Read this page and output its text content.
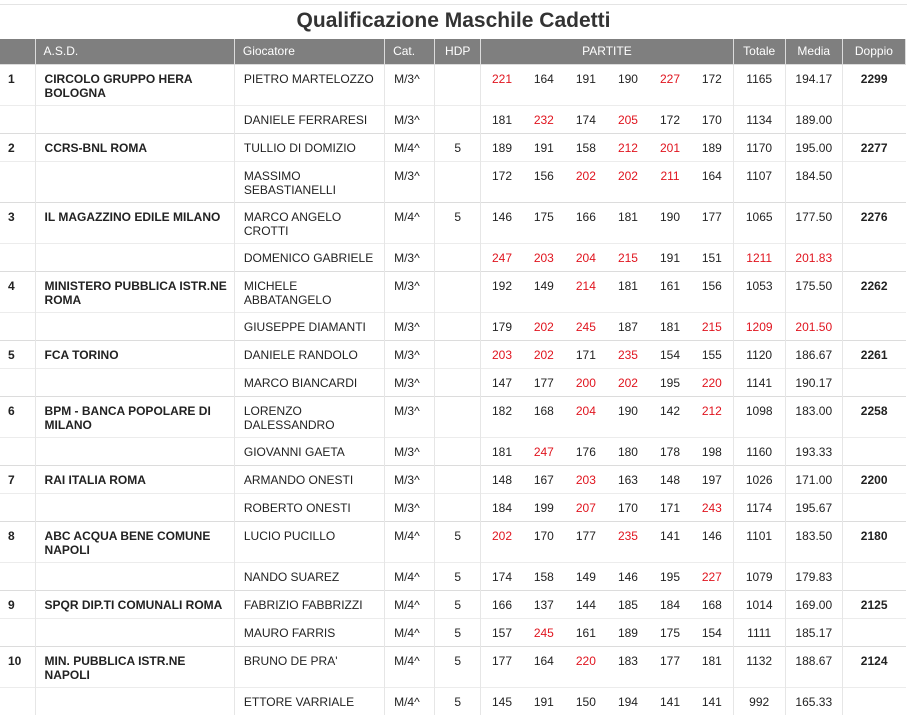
Qualificazione Maschile Cadetti
	A.S.D.	Giocatore	Cat.	HDP	PARTITE						Totale	Media	Doppio
1	CIRCOLO GRUPPO HERA BOLOGNA	PIETRO MARTELOZZO	M/3^		221	164	191	190	227	172	1165	194.17	2299
		DANIELE FERRARESI	M/3^		181	232	174	205	172	170	1134	189.00	
2	CCRS-BNL ROMA	TULLIO DI DOMIZIO	M/4^	5	189	191	158	212	201	189	1170	195.00	2277
		MASSIMO SEBASTIANELLI	M/3^		172	156	202	202	211	164	1107	184.50	
3	IL MAGAZZINO EDILE MILANO	MARCO ANGELO CROTTI	M/4^	5	146	175	166	181	190	177	1065	177.50	2276
		DOMENICO GABRIELE	M/3^		247	203	204	215	191	151	1211	201.83	
4	MINISTERO PUBBLICA ISTR.NE ROMA	MICHELE ABBATANGELO	M/3^		192	149	214	181	161	156	1053	175.50	2262
		GIUSEPPE DIAMANTI	M/3^		179	202	245	187	181	215	1209	201.50	
5	FCA TORINO	DANIELE RANDOLO	M/3^		203	202	171	235	154	155	1120	186.67	2261
		MARCO BIANCARDI	M/3^		147	177	200	202	195	220	1141	190.17	
6	BPM - BANCA POPOLARE DI MILANO	LORENZO DALESSANDRO	M/3^		182	168	204	190	142	212	1098	183.00	2258
		GIOVANNI GAETA	M/3^		181	247	176	180	178	198	1160	193.33	
7	RAI ITALIA ROMA	ARMANDO ONESTI	M/3^		148	167	203	163	148	197	1026	171.00	2200
		ROBERTO ONESTI	M/3^		184	199	207	170	171	243	1174	195.67	
8	ABC ACQUA BENE COMUNE NAPOLI	LUCIO PUCILLO	M/4^	5	202	170	177	235	141	146	1101	183.50	2180
		NANDO SUAREZ	M/4^	5	174	158	149	146	195	227	1079	179.83	
9	SPQR DIP.TI COMUNALI ROMA	FABRIZIO FABBRIZZI	M/4^	5	166	137	144	185	184	168	1014	169.00	2125
		MAURO FARRIS	M/4^	5	157	245	161	189	175	154	1111	185.17	
10	MIN. PUBBLICA ISTR.NE NAPOLI	BRUNO DE PRA'	M/4^	5	177	164	220	183	177	181	1132	188.67	2124
		ETTORE VARRIALE	M/4^	5	145	191	150	194	141	141	992	165.33	
